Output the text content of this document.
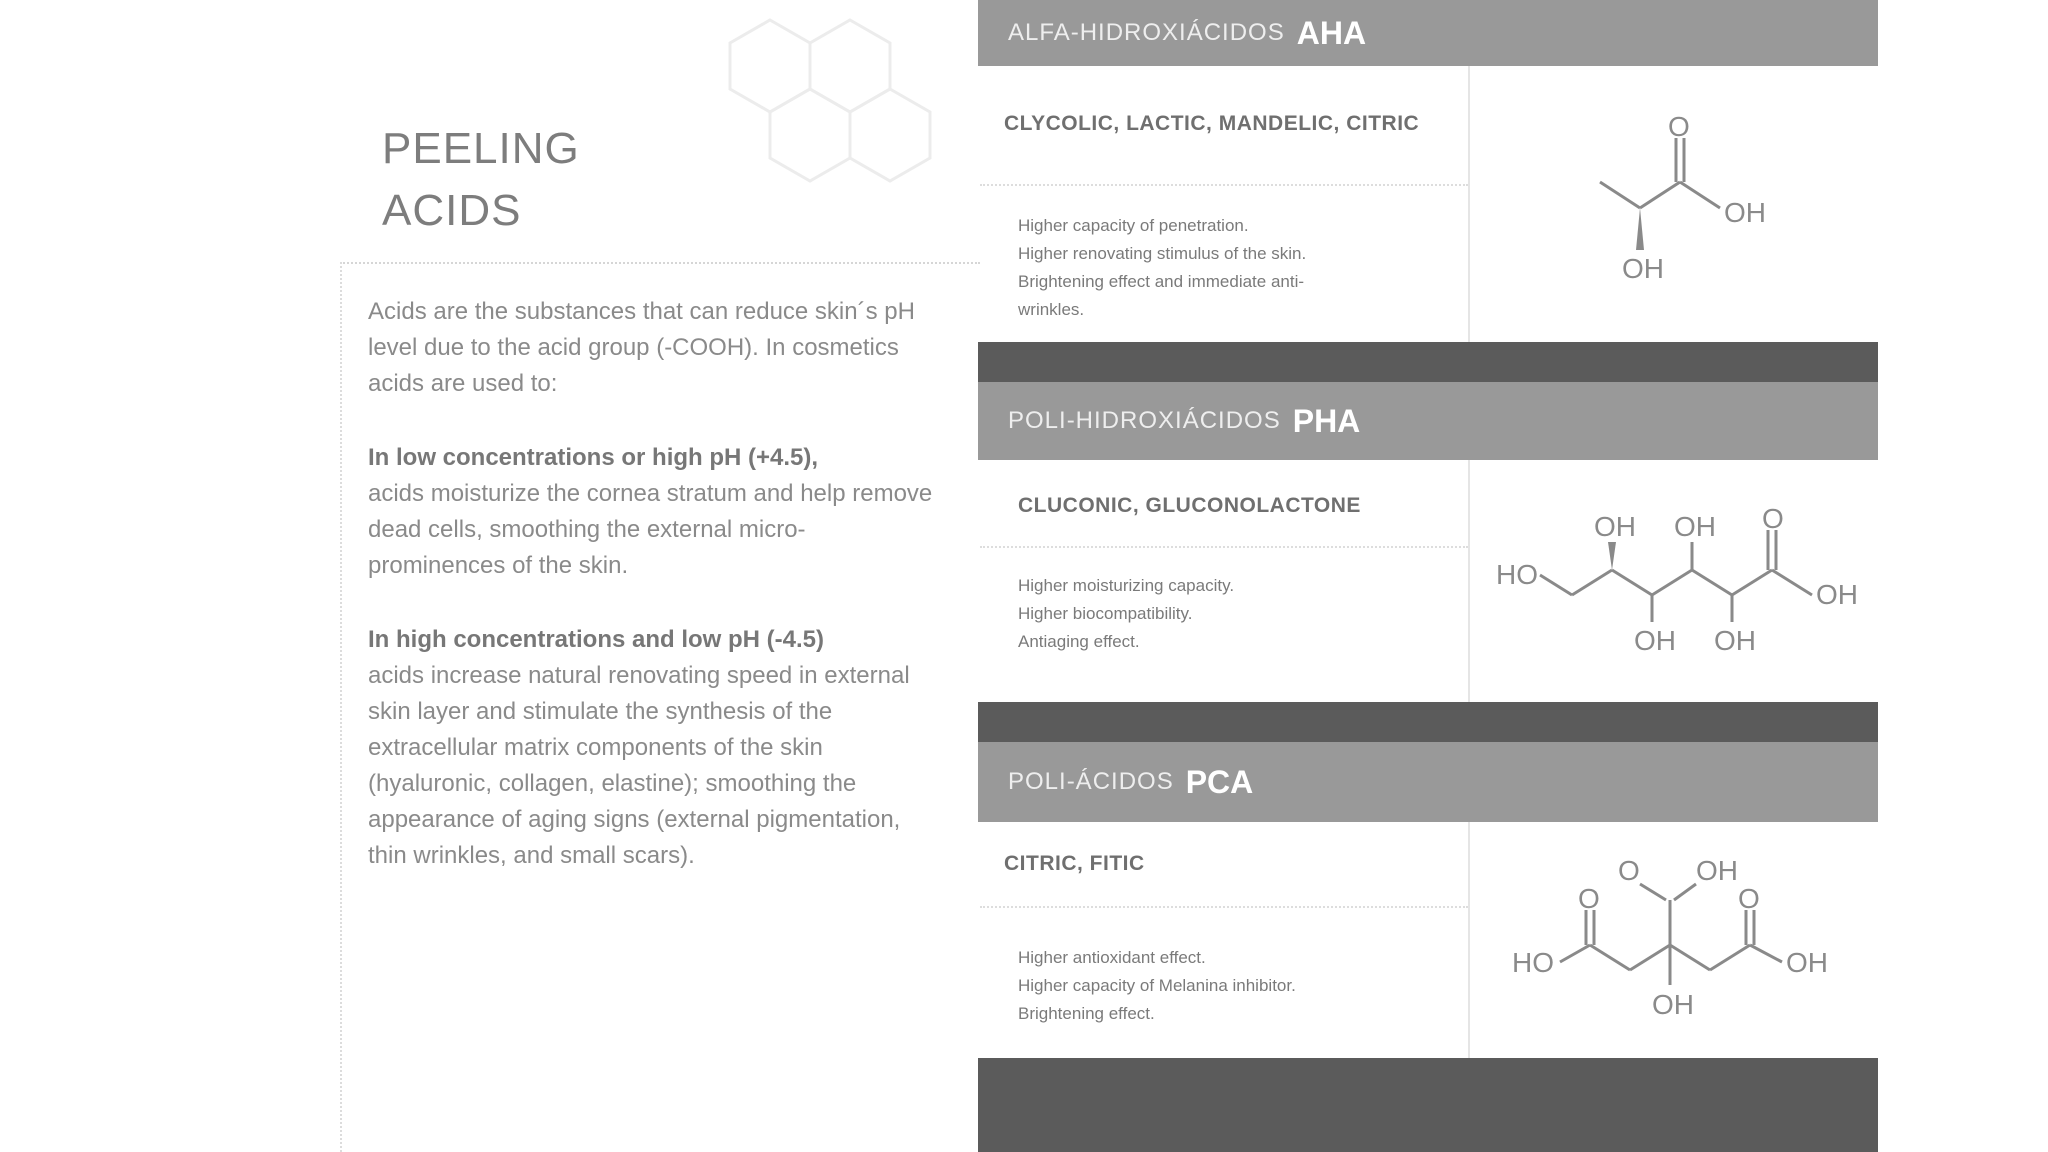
PEELING
ACIDS

Acids are the substances that can reduce skin´s pH level due to the acid group (-COOH). In cosmetics acids are used to:

In low concentrations or high pH (+4.5),
acids moisturize the cornea stratum and help remove dead cells, smoothing the external micro-prominences of the skin.

In high concentrations and low pH (-4.5)
acids increase natural renovating speed in external skin layer and stimulate the synthesis of the extracellular matrix components of the skin (hyaluronic, collagen, elastine); smoothing the appearance of aging signs (external pigmentation, thin wrinkles, and small scars).

ALFA-HIDROXIÁCIDOS AHA
POLI-HIDROXIÁCIDOS PHA
POLI-ÁCIDOS PCA
CLYCOLIC, LACTIC, MANDELIC, CITRIC
Higher capacity of penetration.
Higher renovating stimulus of the skin.
Brightening effect and immediate anti-
wrinkles.
O
OH
OH
CLUCONIC, GLUCONOLACTONE
Higher moisturizing capacity.
Higher biocompatibility.
Antiaging effect.
HO
OH OH O
OH
OH OH
CITRIC, FITIC
Higher antioxidant effect.
Higher capacity of Melanina inhibitor.
Brightening effect.
O OH
O	O
HO	OH
OH
